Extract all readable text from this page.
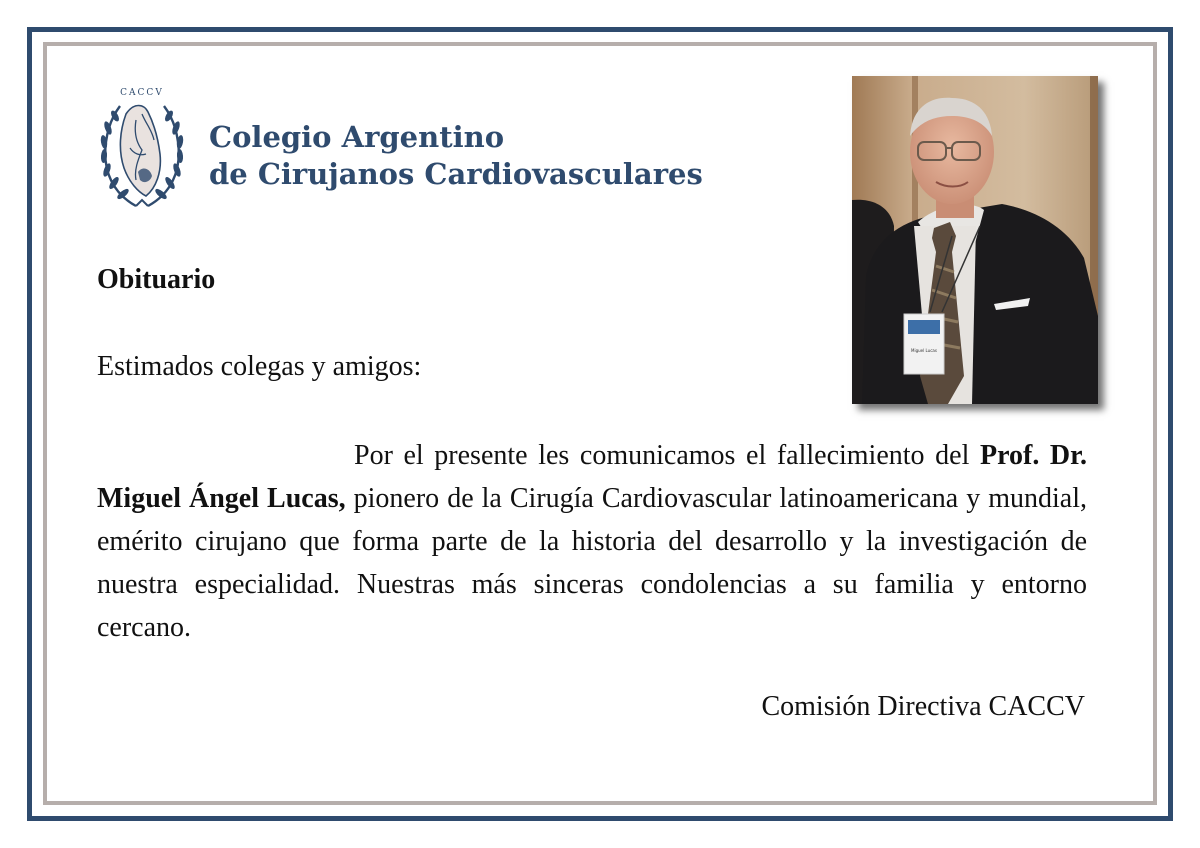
CACCV
Colegio Argentino
de Cirujanos Cardiovasculares
Miguel Lucas
Obituario
Estimados colegas y amigos:
Por el presente les comunicamos el fallecimiento del Prof. Dr. Miguel Ángel Lucas, pionero de la Cirugía Cardiovascular latinoamericana y mundial, emérito cirujano que forma parte de la historia del desarrollo y la investigación de nuestra especialidad. Nuestras más sinceras condolencias a su familia y entorno cercano.
Comisión Directiva CACCV
